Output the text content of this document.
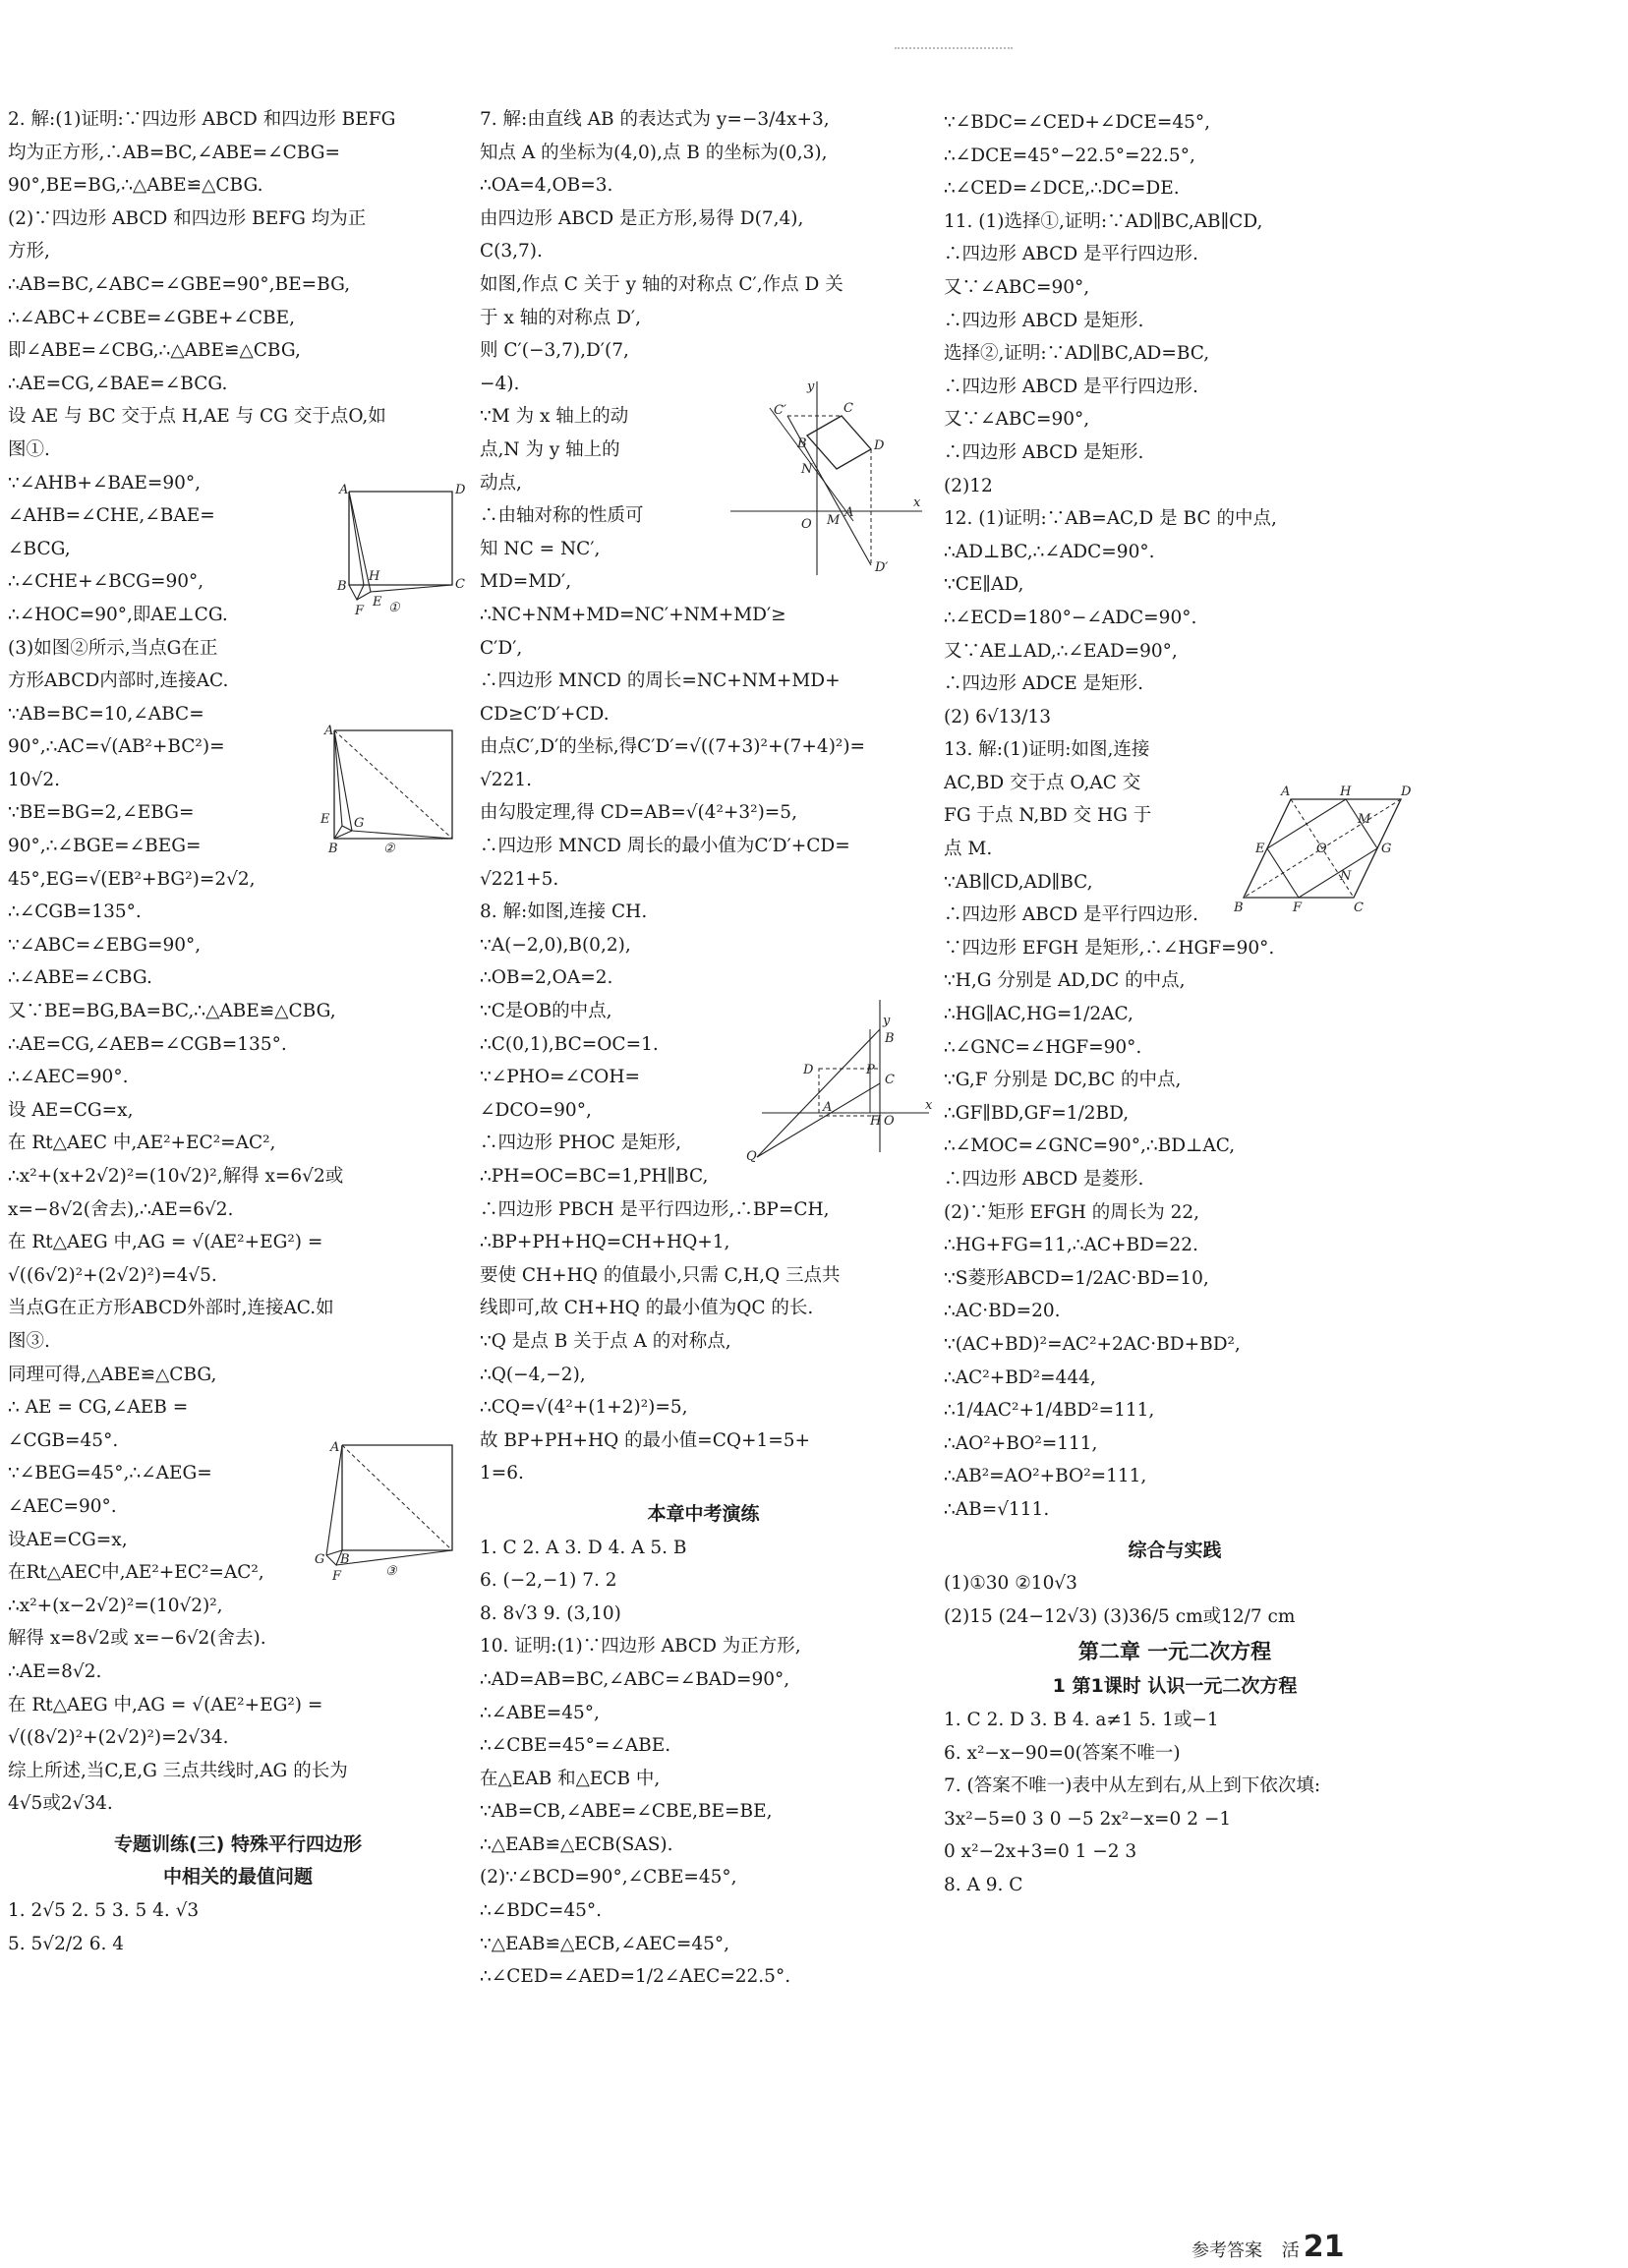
2. 解:(1)证明:∵四边形 ABCD 和四边形 BEFG
均为正方形,∴AB=BC,∠ABE=∠CBG=
90°,BE=BG,∴△ABE≌△CBG.
(2)∵四边形 ABCD 和四边形 BEFG 均为正
方形,
∴AB=BC,∠ABC=∠GBE=90°,BE=BG,
∴∠ABC+∠CBE=∠GBE+∠CBE,
即∠ABE=∠CBG,∴△ABE≌△CBG,
∴AE=CG,∠BAE=∠BCG.
设 AE 与 BC 交于点 H,AE 与 CG 交于点O,如
图①.
∵∠AHB+∠BAE=90°,
∠AHB=∠CHE,∠BAE=
∠BCG,
∴∠CHE+∠BCG=90°,
∴∠HOC=90°,即AE⊥CG.
(3)如图②所示,当点G在正
方形ABCD内部时,连接AC.
∵AB=BC=10,∠ABC=
90°,∴AC=√(AB²+BC²)=
10√2.
∵BE=BG=2,∠EBG=
90°,∴∠BGE=∠BEG=
45°,EG=√(EB²+BG²)=2√2,
∴∠CGB=135°.
∵∠ABC=∠EBG=90°,
∴∠ABE=∠CBG.
又∵BE=BG,BA=BC,∴△ABE≌△CBG,
∴AE=CG,∠AEB=∠CGB=135°.
∴∠AEC=90°.
设 AE=CG=x,
在 Rt△AEC 中,AE²+EC²=AC²,
∴x²+(x+2√2)²=(10√2)²,解得 x=6√2或
x=−8√2(舍去),∴AE=6√2.
在 Rt△AEG 中,AG = √(AE²+EG²) =
√((6√2)²+(2√2)²)=4√5.
当点G在正方形ABCD外部时,连接AC.如
图③.
同理可得,△ABE≌△CBG,
∴ AE = CG,∠AEB =
∠CGB=45°.
∵∠BEG=45°,∴∠AEG=
∠AEC=90°.
设AE=CG=x,
在Rt△AEC中,AE²+EC²=AC²,
∴x²+(x−2√2)²=(10√2)²,
解得 x=8√2或 x=−6√2(舍去).
∴AE=8√2.
在 Rt△AEG 中,AG = √(AE²+EG²) =
√((8√2)²+(2√2)²)=2√34.
综上所述,当C,E,G 三点共线时,AG 的长为
4√5或2√34.
专题训练(三) 特殊平行四边形
中相关的最值问题
1. 2√5 2. 5 3. 5 4. √3
5. 5√2/2 6. 4
7. 解:由直线 AB 的表达式为 y=−3/4x+3,
知点 A 的坐标为(4,0),点 B 的坐标为(0,3),
∴OA=4,OB=3.
由四边形 ABCD 是正方形,易得 D(7,4),
C(3,7).
如图,作点 C 关于 y 轴的对称点 C′,作点 D 关
于 x 轴的对称点 D′,
则 C′(−3,7),D′(7,
−4).
∵M 为 x 轴上的动
点,N 为 y 轴上的
动点,
∴由轴对称的性质可
知 NC = NC′,
MD=MD′,
∴NC+NM+MD=NC′+NM+MD′≥
C′D′,
∴四边形 MNCD 的周长=NC+NM+MD+
CD≥C′D′+CD.
由点C′,D′的坐标,得C′D′=√((7+3)²+(7+4)²)=
√221.
由勾股定理,得 CD=AB=√(4²+3²)=5,
∴四边形 MNCD 周长的最小值为C′D′+CD=
√221+5.
8. 解:如图,连接 CH.
∵A(−2,0),B(0,2),
∴OB=2,OA=2.
∵C是OB的中点,
∴C(0,1),BC=OC=1.
∵∠PHO=∠COH=
∠DCO=90°,
∴四边形 PHOC 是矩形,
∴PH=OC=BC=1,PH∥BC,
∴四边形 PBCH 是平行四边形,∴BP=CH,
∴BP+PH+HQ=CH+HQ+1,
要使 CH+HQ 的值最小,只需 C,H,Q 三点共
线即可,故 CH+HQ 的最小值为QC 的长.
∵Q 是点 B 关于点 A 的对称点,
∴Q(−4,−2),
∴CQ=√(4²+(1+2)²)=5,
故 BP+PH+HQ 的最小值=CQ+1=5+
1=6.
本章中考演练
1. C 2. A 3. D 4. A 5. B
6. (−2,−1) 7. 2
8. 8√3 9. (3,10)
10. 证明:(1)∵四边形 ABCD 为正方形,
∴AD=AB=BC,∠ABC=∠BAD=90°,
∴∠ABE=45°,
∴∠CBE=45°=∠ABE.
在△EAB 和△ECB 中,
∵AB=CB,∠ABE=∠CBE,BE=BE,
∴△EAB≌△ECB(SAS).
(2)∵∠BCD=90°,∠CBE=45°,
∴∠BDC=45°.
∵△EAB≌△ECB,∠AEC=45°,
∴∠CED=∠AED=1/2∠AEC=22.5°.
∵∠BDC=∠CED+∠DCE=45°,
∴∠DCE=45°−22.5°=22.5°,
∴∠CED=∠DCE,∴DC=DE.
11. (1)选择①,证明:∵AD∥BC,AB∥CD,
∴四边形 ABCD 是平行四边形.
又∵∠ABC=90°,
∴四边形 ABCD 是矩形.
选择②,证明:∵AD∥BC,AD=BC,
∴四边形 ABCD 是平行四边形.
又∵∠ABC=90°,
∴四边形 ABCD 是矩形.
(2)12
12. (1)证明:∵AB=AC,D 是 BC 的中点,
∴AD⊥BC,∴∠ADC=90°.
∵CE∥AD,
∴∠ECD=180°−∠ADC=90°.
又∵AE⊥AD,∴∠EAD=90°,
∴四边形 ADCE 是矩形.
(2) 6√13/13
13. 解:(1)证明:如图,连接
AC,BD 交于点 O,AC 交
FG 于点 N,BD 交 HG 于
点 M.
∵AB∥CD,AD∥BC,
∴四边形 ABCD 是平行四边形.
∵四边形 EFGH 是矩形,∴∠HGF=90°.
∵H,G 分别是 AD,DC 的中点,
∴HG∥AC,HG=1/2AC,
∴∠GNC=∠HGF=90°.
∵G,F 分别是 DC,BC 的中点,
∴GF∥BD,GF=1/2BD,
∴∠MOC=∠GNC=90°,∴BD⊥AC,
∴四边形 ABCD 是菱形.
(2)∵矩形 EFGH 的周长为 22,
∴HG+FG=11,∴AC+BD=22.
∵S菱形ABCD=1/2AC·BD=10,
∴AC·BD=20.
∵(AC+BD)²=AC²+2AC·BD+BD²,
∴AC²+BD²=444,
∴1/4AC²+1/4BD²=111,
∴AO²+BO²=111,
∴AB²=AO²+BO²=111,
∴AB=√111.
综合与实践
(1)①30 ②10√3
(2)15 (24−12√3) (3)36/5 cm或12/7 cm
第二章 一元二次方程
1 第1课时 认识一元二次方程
1. C 2. D 3. B 4. a≠1 5. 1或−1
6. x²−x−90=0(答案不唯一)
7. (答案不唯一)表中从左到右,从上到下依次填:
3x²−5=0 3 0 −5 2x²−x=0 2 −1
0 x²−2x+3=0 1 −2 3
8. A 9. C
A	D
C
B
H
F
E ①
A
E
B
G
②
A
G B
F	③
C′	C
D
B
N
O M
A
x
y
D′
y
B
C
D	P
A
H O
x
Q
A	H	D
E	G
O
M
N
B	F	C
参考答案 活 21
